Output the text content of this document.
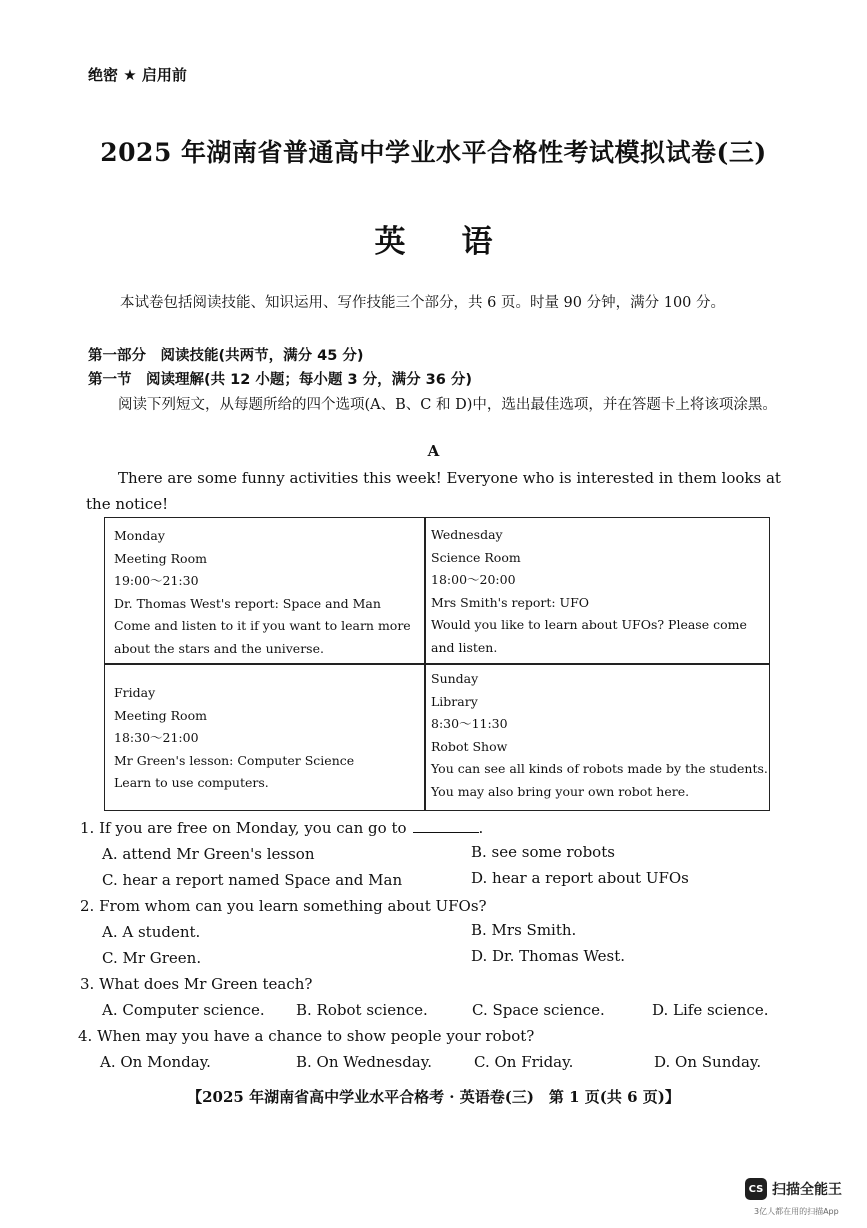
绝密 ★ 启用前
2025 年湖南省普通高中学业水平合格性考试模拟试卷(三)
英 语
本试卷包括阅读技能、知识运用、写作技能三个部分，共 6 页。时量 90 分钟，满分 100 分。
第一部分　阅读技能(共两节，满分 45 分)
第一节　阅读理解(共 12 小题；每小题 3 分，满分 36 分)
阅读下列短文，从每题所给的四个选项(A、B、C 和 D)中，选出最佳选项，并在答题卡上将该项涂黑。
A
There are some funny activities this week! Everyone who is interested in them looks at the notice!
Monday
Meeting Room
19:00～21:30
Dr. Thomas West's report: Space and Man
Come and listen to it if you want to learn more
about the stars and the universe.
Wednesday
Science Room
18:00～20:00
Mrs Smith's report: UFO
Would you like to learn about UFOs? Please come
and listen.
Friday
Meeting Room
18:30～21:00
Mr Green's lesson: Computer Science
Learn to use computers.
Sunday
Library
8:30～11:30
Robot Show
You can see all kinds of robots made by the students.
You may also bring your own robot here.
1. If you are free on Monday, you can go to	.
A. attend Mr Green's lesson	B. see some robots
C. hear a report named Space and Man	D. hear a report about UFOs
2. From whom can you learn something about UFOs?
A. A student.	B. Mrs Smith.
C. Mr Green.	D. Dr. Thomas West.
3. What does Mr Green teach?
A. Computer science. B. Robot science.	C. Space science.	D. Life science.
4. When may you have a chance to show people your robot?
A. On Monday.	B. On Wednesday.	C. On Friday.	D. On Sunday.
【2025 年湖南省高中学业水平合格考 · 英语卷(三)　第 1 页(共 6 页)】
CS 扫描全能王
3亿人都在用的扫描App
